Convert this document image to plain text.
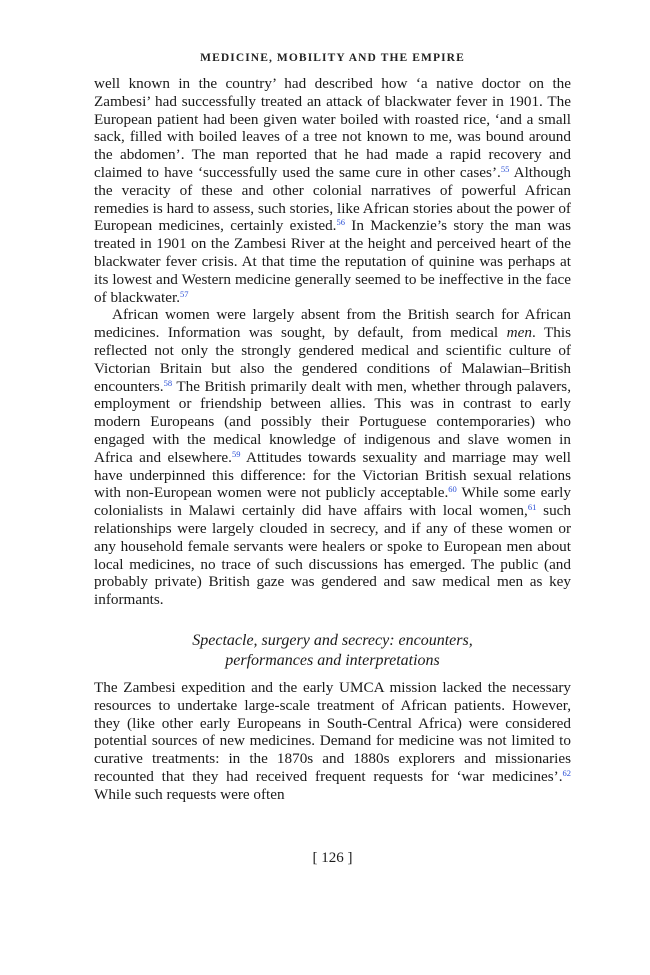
MEDICINE, MOBILITY AND THE EMPIRE

well known in the country’ had described how ‘a native doctor on the Zambesi’ had successfully treated an attack of blackwater fever in 1901. The European patient had been given water boiled with roasted rice, ‘and a small sack, filled with boiled leaves of a tree not known to me, was bound around the abdomen’. The man reported that he had made a rapid recovery and claimed to have ‘successfully used the same cure in other cases’.$^{55}$ Although the veracity of these and other colonial narratives of powerful African remedies is hard to assess, such stories, like African stories about the power of European medicines, certainly existed.$^{56}$ In Mackenzie’s story the man was treated in 1901 on the Zambesi River at the height and perceived heart of the blackwater fever crisis. At that time the reputation of quinine was perhaps at its lowest and Western medicine generally seemed to be ineffective in the face of blackwater.$^{57}$

African women were largely absent from the British search for African medicines. Information was sought, by default, from medical men. This reflected not only the strongly gendered medical and scientific culture of Victorian Britain but also the gendered conditions of Malawian–British encounters.$^{58}$ The British primarily dealt with men, whether through palavers, employment or friendship between allies. This was in contrast to early modern Europeans (and possibly their Portuguese contemporaries) who engaged with the medical knowledge of indigenous and slave women in Africa and elsewhere.$^{59}$ Attitudes towards sexuality and marriage may well have underpinned this difference: for the Victorian British sexual relations with non-European women were not publicly acceptable.$^{60}$ While some early colonialists in Malawi certainly did have affairs with local women,$^{61}$ such relationships were largely clouded in secrecy, and if any of these women or any household female servants were healers or spoke to European men about local medicines, no trace of such discussions has emerged. The public (and probably private) British gaze was gendered and saw medical men as key informants.

Spectacle, surgery and secrecy: encounters,
performances and interpretations

The Zambesi expedition and the early UMCA mission lacked the necessary resources to undertake large-scale treatment of African patients. However, they (like other early Europeans in South-Central Africa) were considered potential sources of new medicines. Demand for medicine was not limited to curative treatments: in the 1870s and 1880s explorers and missionaries recounted that they had received frequent requests for ‘war medicines’.$^{62}$ While such requests were often

[ 126 ]
